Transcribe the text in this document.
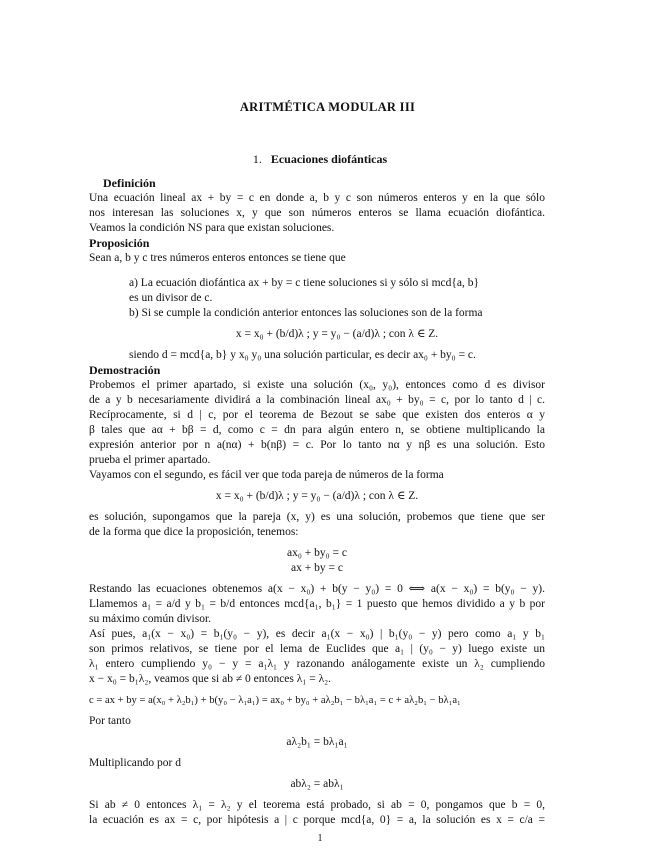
ARITMÉTICA MODULAR III
1. Ecuaciones diofánticas
Definición
Una ecuación lineal ax + by = c en donde a, b y c son números enteros y en la que sólo
nos interesan las soluciones x, y que son números enteros se llama ecuación diofántica.
Veamos la condición NS para que existan soluciones.
Proposición
Sean a, b y c tres números enteros entonces se tiene que
a) La ecuación diofántica ax + by = c tiene soluciones si y sólo si mcd{a, b}
es un divisor de c.
b) Si se cumple la condición anterior entonces las soluciones son de la forma
x = x₀ + (b/d)λ ; y = y₀ − (a/d)λ ; con λ ∈ Z.
siendo d = mcd{a, b} y x₀ y₀ una solución particular, es decir ax₀ + by₀ = c.
Demostración
Probemos el primer apartado, si existe una solución (x₀, y₀), entonces como d es divisor
de a y b necesariamente dividirá a la combinación lineal ax₀ + by₀ = c, por lo tanto d | c.
Recíprocamente, si d | c, por el teorema de Bezout se sabe que existen dos enteros α y
β tales que aα + bβ = d, como c = dn para algún entero n, se obtiene multiplicando la
expresión anterior por n a(nα) + b(nβ) = c. Por lo tanto nα y nβ es una solución. Esto
prueba el primer apartado.
Vayamos con el segundo, es fácil ver que toda pareja de números de la forma
x = x₀ + (b/d)λ ; y = y₀ − (a/d)λ ; con λ ∈ Z.
es solución, supongamos que la pareja (x, y) es una solución, probemos que tiene que ser
de la forma que dice la proposición, tenemos:
ax₀ + by₀ = c
ax + by = c
Restando las ecuaciones obtenemos a(x − x₀) + b(y − y₀) = 0 ⟺ a(x − x₀) = b(y₀ − y).
Llamemos a₁ = a/d y b₁ = b/d entonces mcd{a₁, b₁} = 1 puesto que hemos dividido a y b por
su máximo común divisor.
Así pues, a₁(x − x₀) = b₁(y₀ − y), es decir a₁(x − x₀) | b₁(y₀ − y) pero como a₁ y b₁
son primos relativos, se tiene por el lema de Euclides que a₁ | (y₀ − y) luego existe un
λ₁ entero cumpliendo y₀ − y = a₁λ₁ y razonando análogamente existe un λ₂ cumpliendo
x − x₀ = b₁λ₂, veamos que si ab ≠ 0 entonces λ₁ = λ₂.
c = ax + by = a(x₀ + λ₂b₁) + b(y₀ − λ₁a₁) = ax₀ + by₀ + aλ₂b₁ − bλ₁a₁ = c + aλ₂b₁ − bλ₁a₁
Por tanto
aλ₂b₁ = bλ₁a₁
Multiplicando por d
abλ₂ = abλ₁
Si ab ≠ 0 entonces λ₁ = λ₂ y el teorema está probado, si ab = 0, pongamos que b = 0,
la ecuación es ax = c, por hipótesis a | c porque mcd{a, 0} = a, la solución es x = c/a =
1
